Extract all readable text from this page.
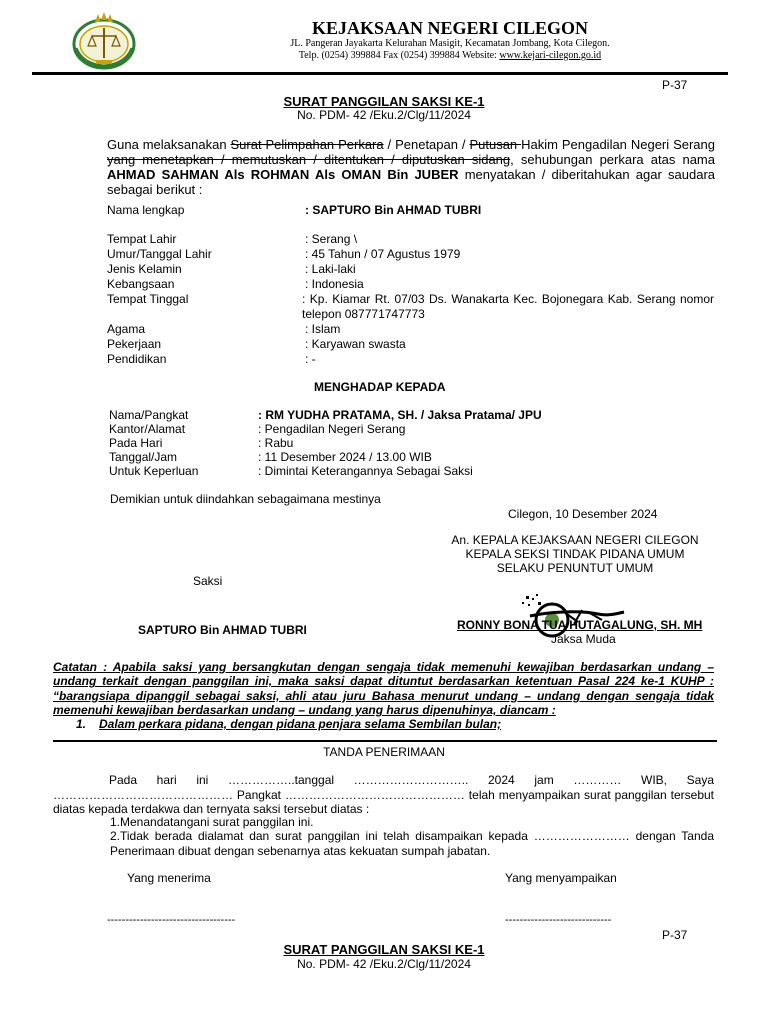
KEJAKSAAN NEGERI CILEGON
JL. Pangeran Jayakarta Kelurahan Masigit, Kecamatan Jombang, Kota Cilegon.
Telp. (0254) 399884 Fax (0254) 399884 Website: www.kejari-cilegon.go.id
P-37
SURAT PANGGILAN SAKSI KE-1
No. PDM- 42 /Eku.2/Clg/11/2024
Guna melaksanakan Surat Pelimpahan Perkara / Penetapan / Putusan Hakim Pengadilan Negeri Serang yang menetapkan / memutuskan / ditentukan / diputuskan sidang, sehubungan perkara atas nama AHMAD SAHMAN Als ROHMAN Als OMAN Bin JUBER menyatakan / diberitahukan agar saudara sebagai berikut :
Nama lengkap	: SAPTURO Bin AHMAD TUBRI
Tempat Lahir	: Serang \
Umur/Tanggal Lahir	: 45 Tahun / 07 Agustus 1979
Jenis Kelamin	: Laki-laki
Kebangsaan	: Indonesia
Tempat Tinggal	: Kp. Kiamar Rt. 07/03 Ds. Wanakarta Kec. Bojonegara Kab. Serang nomor telepon 087771747773
Agama	: Islam
Pekerjaan	: Karyawan swasta
Pendidikan	: -
MENGHADAP KEPADA
Nama/Pangkat	: RM YUDHA PRATAMA, SH. / Jaksa Pratama/ JPU
Kantor/Alamat	: Pengadilan Negeri Serang
Pada Hari	: Rabu
Tanggal/Jam	: 11 Desember 2024 / 13.00 WIB
Untuk Keperluan	: Dimintai Keterangannya Sebagai Saksi
Demikian untuk diindahkan sebagaimana mestinya
Cilegon, 10 Desember 2024
An. KEPALA KEJAKSAAN NEGERI CILEGON
KEPALA SEKSI TINDAK PIDANA UMUM
SELAKU PENUNTUT UMUM
Saksi
SAPTURO Bin AHMAD TUBRI	RONNY BONA TUA HUTAGALUNG, SH. MH
Jaksa Muda
Catatan : Apabila saksi yang bersangkutan dengan sengaja tidak memenuhi kewajiban berdasarkan undang – undang terkait dengan panggilan ini, maka saksi dapat dituntut berdasarkan ketentuan Pasal 224 ke-1 KUHP : “barangsiapa dipanggil sebagai saksi, ahli atau juru Bahasa menurut undang – undang dengan sengaja tidak memenuhi kewajiban berdasarkan undang – undang yang harus dipenuhinya, diancam :
1. Dalam perkara pidana, dengan pidana penjara selama Sembilan bulan;
TANDA PENERIMAAN
Pada hari ini ……………..tanggal ……………………….. 2024 jam ………… WIB, Saya ……………………………………… Pangkat ……………………………………… telah menyampaikan surat panggilan tersebut diatas kepada terdakwa dan ternyata saksi tersebut diatas :
1.Menandatangani surat panggilan ini.
2.Tidak berada dialamat dan surat panggilan ini telah disampaikan kepada …………………… dengan Tanda Penerimaan dibuat dengan sebenarnya atas kekuatan sumpah jabatan.
Yang menerima	Yang menyampaikan
-----------------------------------	-----------------------------
P-37
SURAT PANGGILAN SAKSI KE-1
No. PDM- 42 /Eku.2/Clg/11/2024
